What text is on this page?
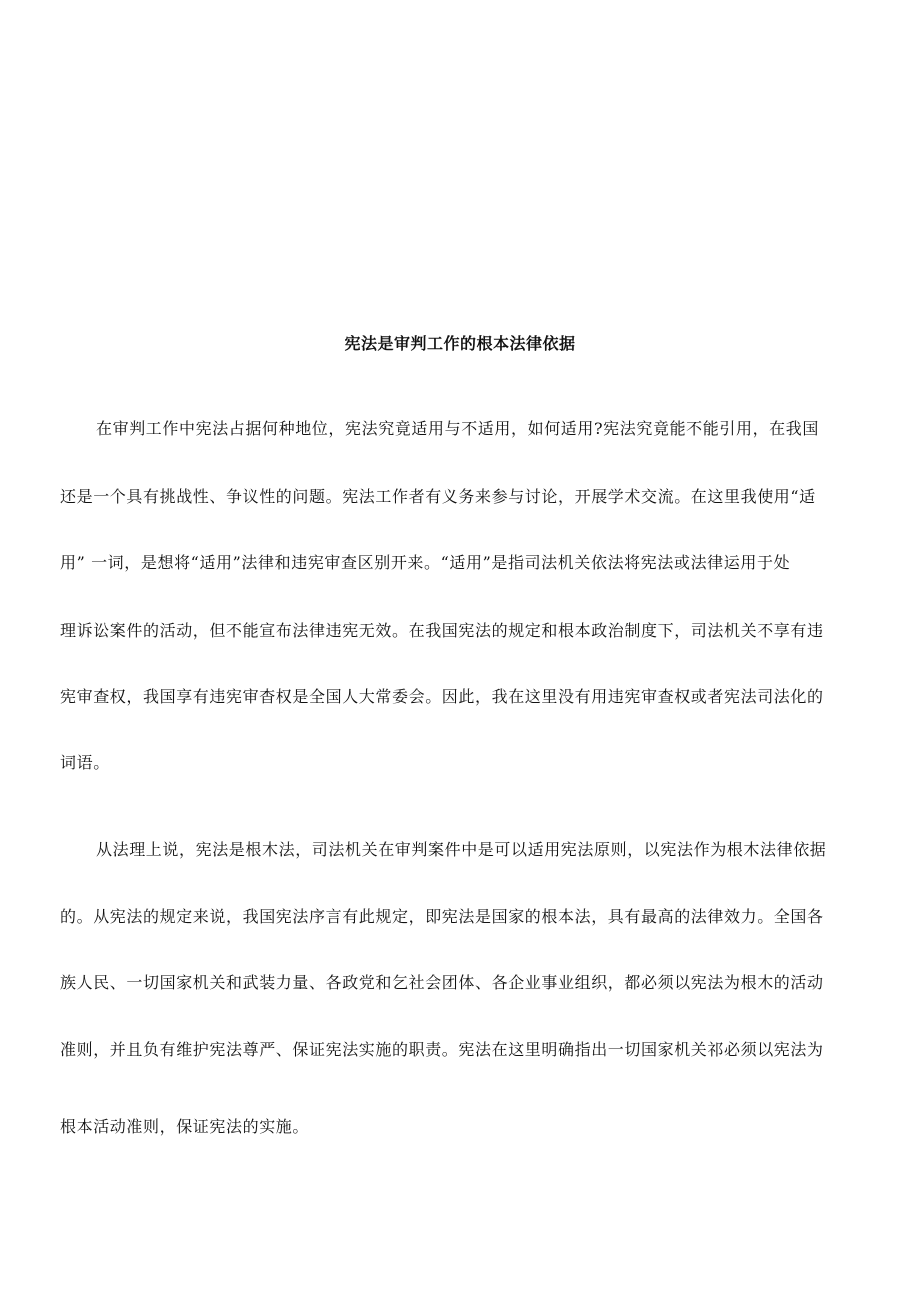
宪法是审判工作的根本法律依据
在审判工作中宪法占据何种地位，宪法究竟适用与不适用，如何适用?宪法究竟能不能引用，在我国
还是一个具有挑战性、争议性的问题。宪法工作者有义务来参与讨论，开展学术交流。在这里我使用“适
用” 一词，是想将“适用”法律和违宪审查区别开来。“适用”是指司法机关依法将宪法或法律运用于处
理诉讼案件的活动，但不能宣布法律违宪无效。在我国宪法的规定和根本政治制度下，司法机关不享有违
宪审查权，我国享有违宪审杳权是全国人大常委会。因此，我在这里没有用违宪审查权或者宪法司法化的
词语。
从法理上说，宪法是根木法，司法机关在审判案件中是可以适用宪法原则，以宪法作为根木法律依据
的。从宪法的规定来说，我国宪法序言有此规定，即宪法是国家的根本法，具有最高的法律效力。全国各
族人民、一切国家机关和武装力量、各政党和乞社会团体、各企业事业组织，都必须以宪法为根木的活动
准则，并且负有维护宪法尊严、保证宪法实施的职责。宪法在这里明确指出一切国家机关祁必须以宪法为
根本活动准则，保证宪法的实施。
